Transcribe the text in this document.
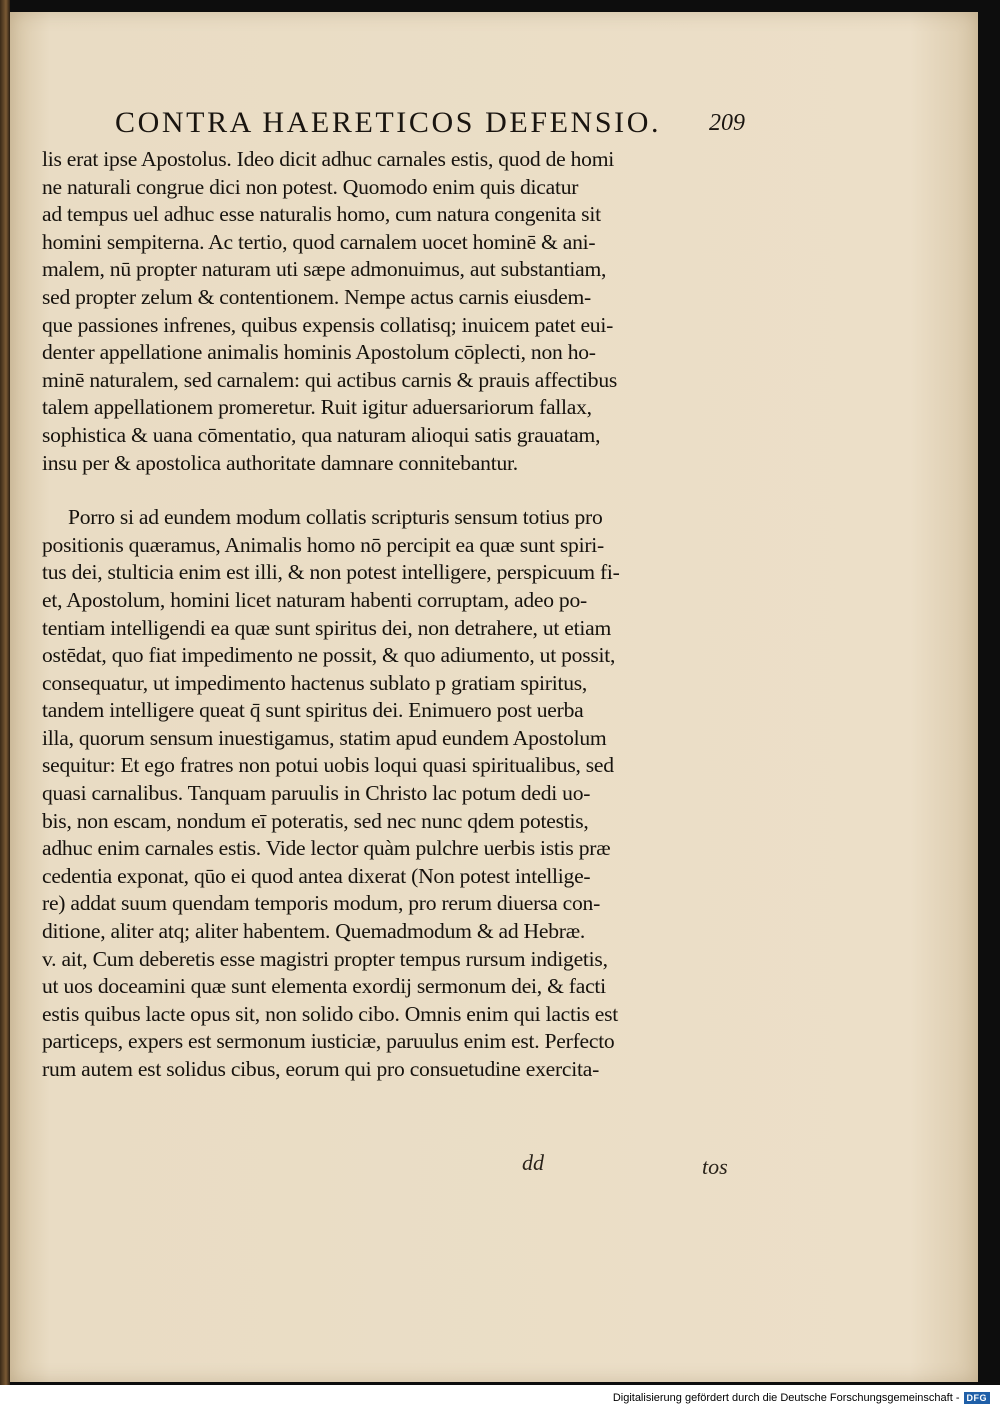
CONTRA HAERETICOS DEFENSIO. 209
lis erat ipse Apostolus. Ideo dicit adhuc carnales estis, quod de homi
ne naturali congrue dici non potest. Quomodo enim quis dicatur
ad tempus uel adhuc esse naturalis homo, cum natura congenita sit
homini sempiterna. Ac tertio, quod carnalem uocet hominē & ani-
malem, nū propter naturam uti sæpe admonuimus, aut substantiam,
sed propter zelum & contentionem. Nempe actus carnis eiusdem-
que passiones infrenes, quibus expensis collatisq; inuicem patet eui-
denter appellatione animalis hominis Apostolum cōplecti, non ho-
minē naturalem, sed carnalem: qui actibus carnis & prauis affectibus
talem appellationem promeretur. Ruit igitur aduersariorum fallax,
sophistica & uana cōmentatio, qua naturam alioqui satis grauatam,
insu per & apostolica authoritate damnare connitebantur.
Porro si ad eundem modum collatis scripturis sensum totius pro
positionis quæramus, Animalis homo nō percipit ea quæ sunt spiri-
tus dei, stulticia enim est illi, & non potest intelligere, perspicuum fi-
et, Apostolum, homini licet naturam habenti corruptam, adeo po-
tentiam intelligendi ea quæ sunt spiritus dei, non detrahere, ut etiam
ostēdat, quo fiat impedimento ne possit, & quo adiumento, ut possit,
consequatur, ut impedimento hactenus sublato p gratiam spiritus,
tandem intelligere queat q̄ sunt spiritus dei. Enimuero post uerba
illa, quorum sensum inuestigamus, statim apud eundem Apostolum
sequitur: Et ego fratres non potui uobis loqui quasi spiritualibus, sed
quasi carnalibus. Tanquam paruulis in Christo lac potum dedi uo-
bis, non escam, nondum eī poteratis, sed nec nunc qdem potestis,
adhuc enim carnales estis. Vide lector quàm pulchre uerbis istis præ
cedentia exponat, qūo ei quod antea dixerat (Non potest intellige-
re) addat suum quendam temporis modum, pro rerum diuersa con-
ditione, aliter atq; aliter habentem. Quemadmodum & ad Hebræ.
v. ait, Cum deberetis esse magistri propter tempus rursum indigetis,
ut uos doceamini quæ sunt elementa exordij sermonum dei, & facti
estis quibus lacte opus sit, non solido cibo. Omnis enim qui lactis est
particeps, expers est sermonum iusticiæ, paruulus enim est. Perfecto
rum autem est solidus cibus, eorum qui pro consuetudine exercita-
dd	tos
Digitalisierung gefördert durch die Deutsche Forschungsgemeinschaft - DFG
